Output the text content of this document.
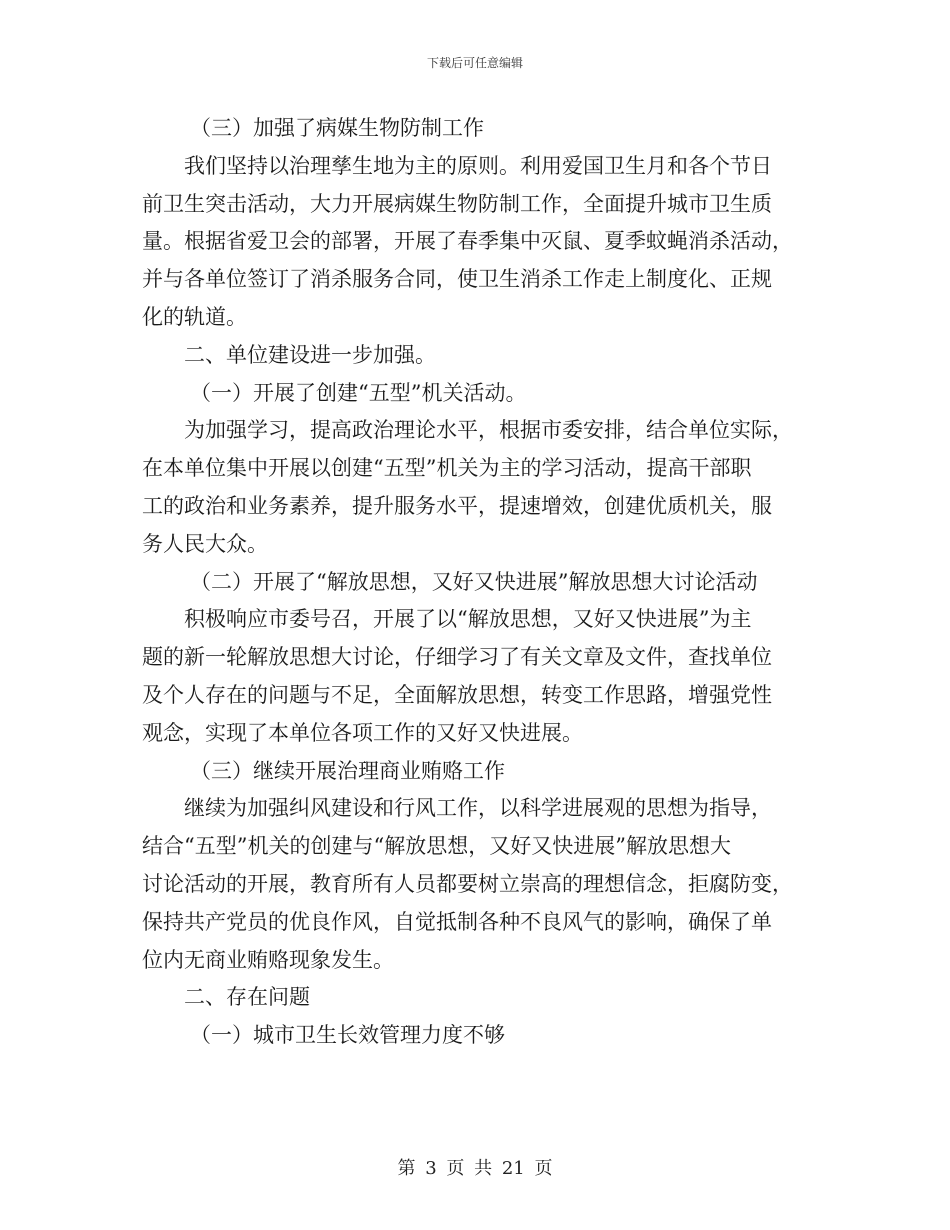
下载后可任意编辑
（三）加强了病媒生物防制工作
我们坚持以治理孳生地为主的原则。利用爱国卫生月和各个节日
前卫生突击活动，大力开展病媒生物防制工作，全面提升城市卫生质
量。根据省爱卫会的部署，开展了春季集中灭鼠、夏季蚊蝇消杀活动，
并与各单位签订了消杀服务合同，使卫生消杀工作走上制度化、正规
化的轨道。
二、单位建设进一步加强。
（一）开展了创建“五型”机关活动。
为加强学习，提高政治理论水平，根据市委安排，结合单位实际，
在本单位集中开展以创建“五型”机关为主的学习活动，提高干部职
工的政治和业务素养，提升服务水平，提速增效，创建优质机关，服
务人民大众。
（二）开展了“解放思想，又好又快进展”解放思想大讨论活动
积极响应市委号召，开展了以“解放思想，又好又快进展”为主
题的新一轮解放思想大讨论，仔细学习了有关文章及文件，查找单位
及个人存在的问题与不足，全面解放思想，转变工作思路，增强党性
观念，实现了本单位各项工作的又好又快进展。
（三）继续开展治理商业贿赂工作
继续为加强纠风建设和行风工作，以科学进展观的思想为指导，
结合“五型”机关的创建与“解放思想，又好又快进展”解放思想大
讨论活动的开展，教育所有人员都要树立崇高的理想信念，拒腐防变，
保持共产党员的优良作风，自觉抵制各种不良风气的影响，确保了单
位内无商业贿赂现象发生。
二、存在问题
（一）城市卫生长效管理力度不够
第 3 页 共 21 页
